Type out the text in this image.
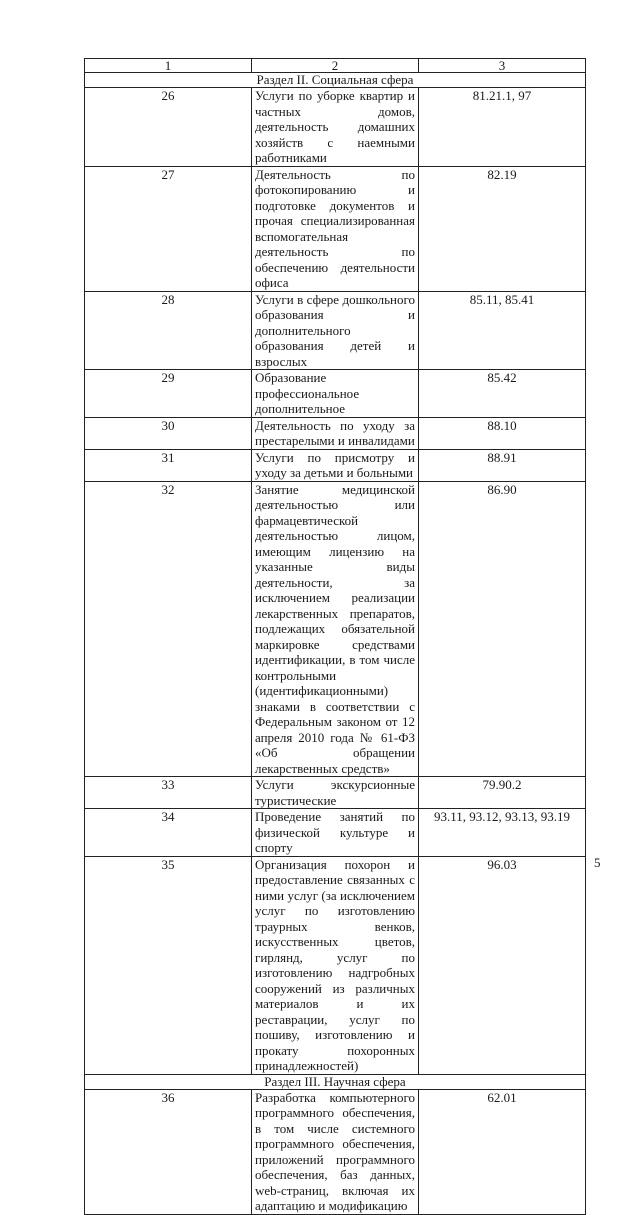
1	2	3
Раздел II. Социальная сфера		
26	Услуги по уборке квартир и частных домов, деятельность домашних хозяйств с наемными работниками	81.21.1, 97
27	Деятельность по фотокопированию и подготовке документов и прочая специализированная вспомогательная деятельность по обеспечению деятельности офиса	82.19
28	Услуги в сфере дошкольного образования и дополнительного образования детей и взрослых	85.11, 85.41
29	Образование профессиональное дополнительное	85.42
30	Деятельность по уходу за престарелыми и инвалидами	88.10
31	Услуги по присмотру и уходу за детьми и больными	88.91
32	Занятие медицинской деятельностью или фармацевтической деятельностью лицом, имеющим лицензию на указанные виды деятельности, за исключением реализации лекарственных препаратов, подлежащих обязательной маркировке средствами идентификации, в том числе контрольными (идентификационными) знаками в соответствии с Федеральным законом от 12 апреля 2010 года № 61-ФЗ «Об обращении лекарственных средств»	86.90
33	Услуги экскурсионные туристические	79.90.2
34	Проведение занятий по физической культуре и спорту	93.11, 93.12, 93.13, 93.19
35	Организация похорон и предоставление связанных с ними услуг (за исключением услуг по изготовлению траурных венков, искусственных цветов, гирлянд, услуг по изготовлению надгробных сооружений из различных материалов и их реставрации, услуг по пошиву, изготовлению и прокату похоронных принадлежностей)	96.03
Раздел III. Научная сфера		
36	Разработка компьютерного программного обеспечения, в том числе системного программного обеспечения, приложений программного обеспечения, баз данных, web-страниц, включая их адаптацию и модификацию	62.01
5
